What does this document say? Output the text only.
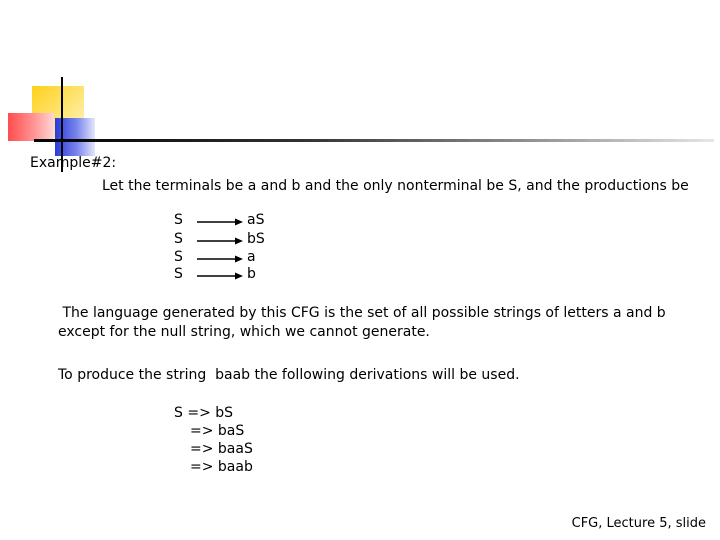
Example#2:
Let the terminals be a and b and the only nonterminal be S, and the productions be
S	aS
S	bS
S	a
S	b
The language generated by this CFG is the set of all possible strings of letters a and b
except for the null string, which we cannot generate.
To produce the string  baab the following derivations will be used.
S => bS
=> baS
=> baaS
=> baab
CFG, Lecture 5, slide
